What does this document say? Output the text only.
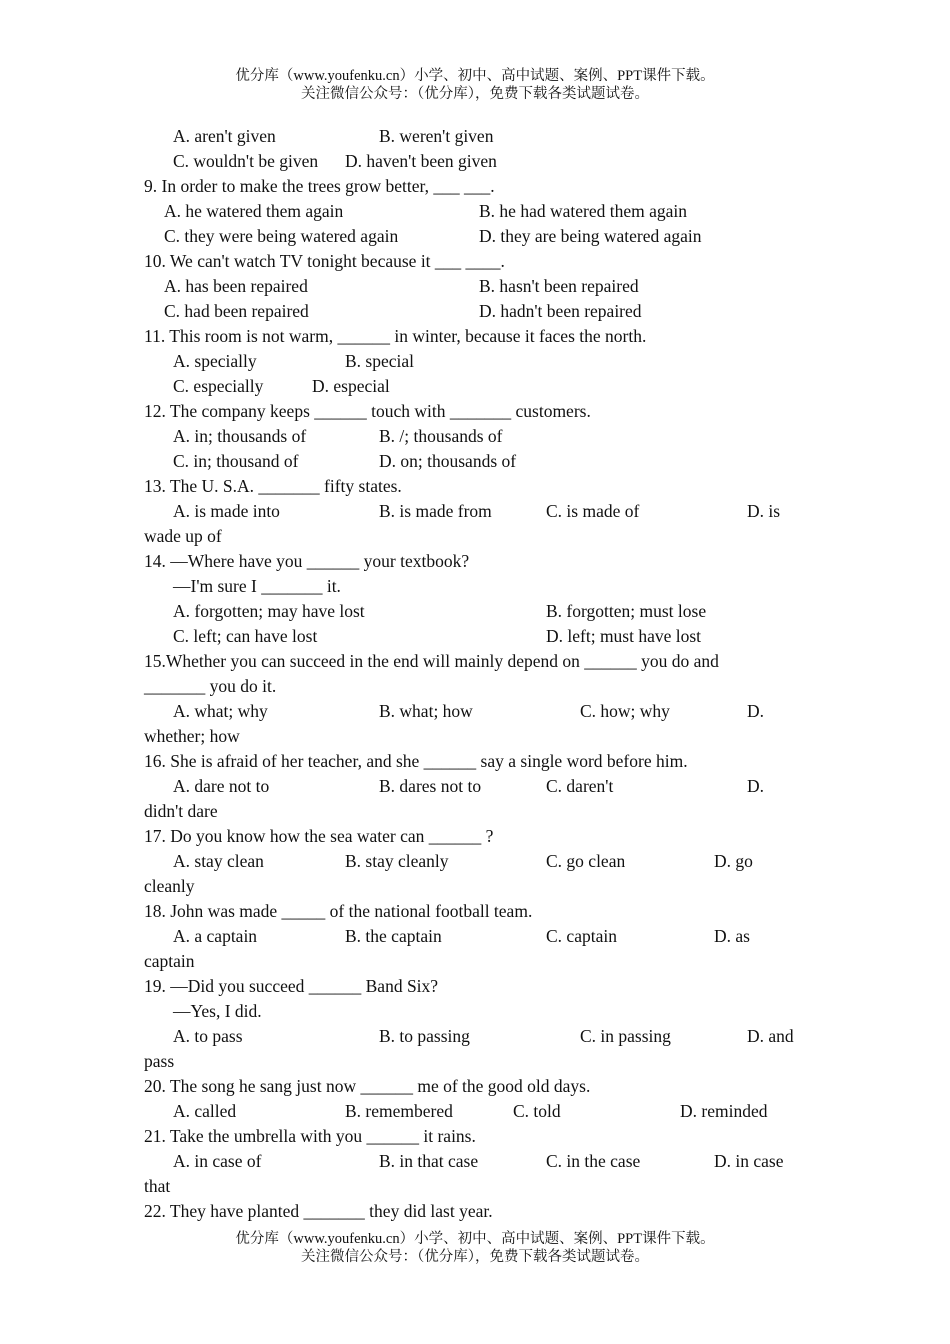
优分库（www.youfenku.cn）小学、初中、高中试题、案例、PPT课件下载。
关注微信公众号：（优分库），免费下载各类试题试卷。
A. aren't given	B. weren't given
C. wouldn't be given D. haven't been given
9. In order to make the trees grow better, ___ ___.
A. he watered them again	B. he had watered them again
C. they were being watered again	D. they are being watered again
10. We can't watch TV tonight because it ___ ____.
A. has been repaired	B. hasn't been repaired
C. had been repaired	D. hadn't been repaired
11. This room is not warm, ______ in winter, because it faces the north.
A. specially	B. special
C. especially	D. especial
12. The company keeps ______ touch with _______ customers.
A. in; thousands of	B. /; thousands of
C. in; thousand of	D. on; thousands of
13. The U. S.A. _______ fifty states.
A. is made into	B. is made from	C. is made of	D. is
wade up of
14. —Where have you ______ your textbook?
—I'm sure I _______ it.
A. forgotten; may have lost	B. forgotten; must lose
C. left; can have lost	D. left; must have lost
15.Whether you can succeed in the end will mainly depend on ______ you do and
_______ you do it.
A. what; why	B. what; how	C. how; why	D.
whether; how
16. She is afraid of her teacher, and she ______ say a single word before him.
A. dare not to	B. dares not to	C. daren't	D.
didn't dare
17. Do you know how the sea water can ______ ?
A. stay clean	B. stay cleanly	C. go clean	D. go
cleanly
18. John was made _____ of the national football team.
A. a captain	B. the captain	C. captain	D. as
captain
19. —Did you succeed ______ Band Six?
—Yes, I did.
A. to pass	B. to passing	C. in passing	D. and
pass
20. The song he sang just now ______ me of the good old days.
A. called	B. remembered	C. told	D. reminded
21. Take the umbrella with you ______ it rains.
A. in case of	B. in that case	C. in the case	D. in case
that
22. They have planted _______ they did last year.
优分库（www.youfenku.cn）小学、初中、高中试题、案例、PPT课件下载。
关注微信公众号：（优分库），免费下载各类试题试卷。
